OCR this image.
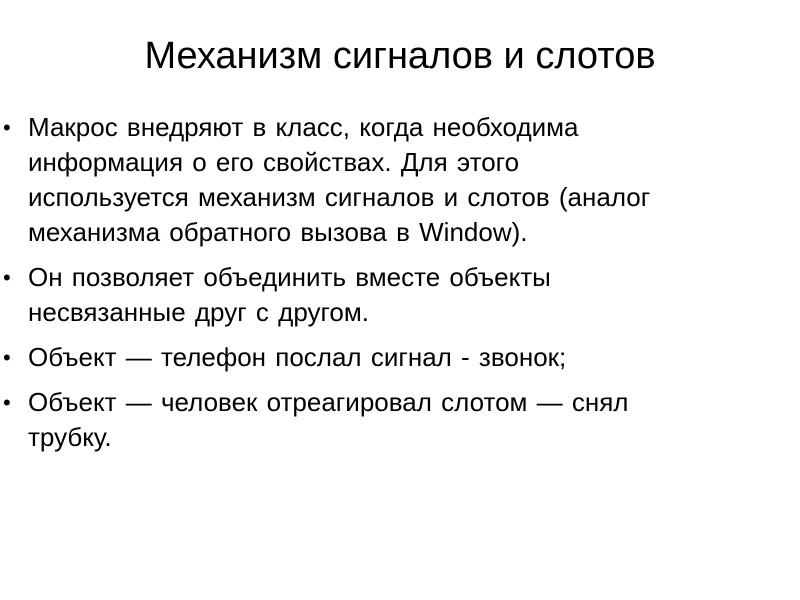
Механизм сигналов и слотов
• Макрос внедряют в класс, когда необходима
информация о его свойствах. Для этого
используется механизм сигналов и слотов (аналог
механизма обратного вызова в Window).
• Он позволяет объединить вместе объекты
несвязанные друг с другом.
• Объект — телефон послал сигнал - звонок;
• Объект — человек отреагировал слотом — снял
трубку.
